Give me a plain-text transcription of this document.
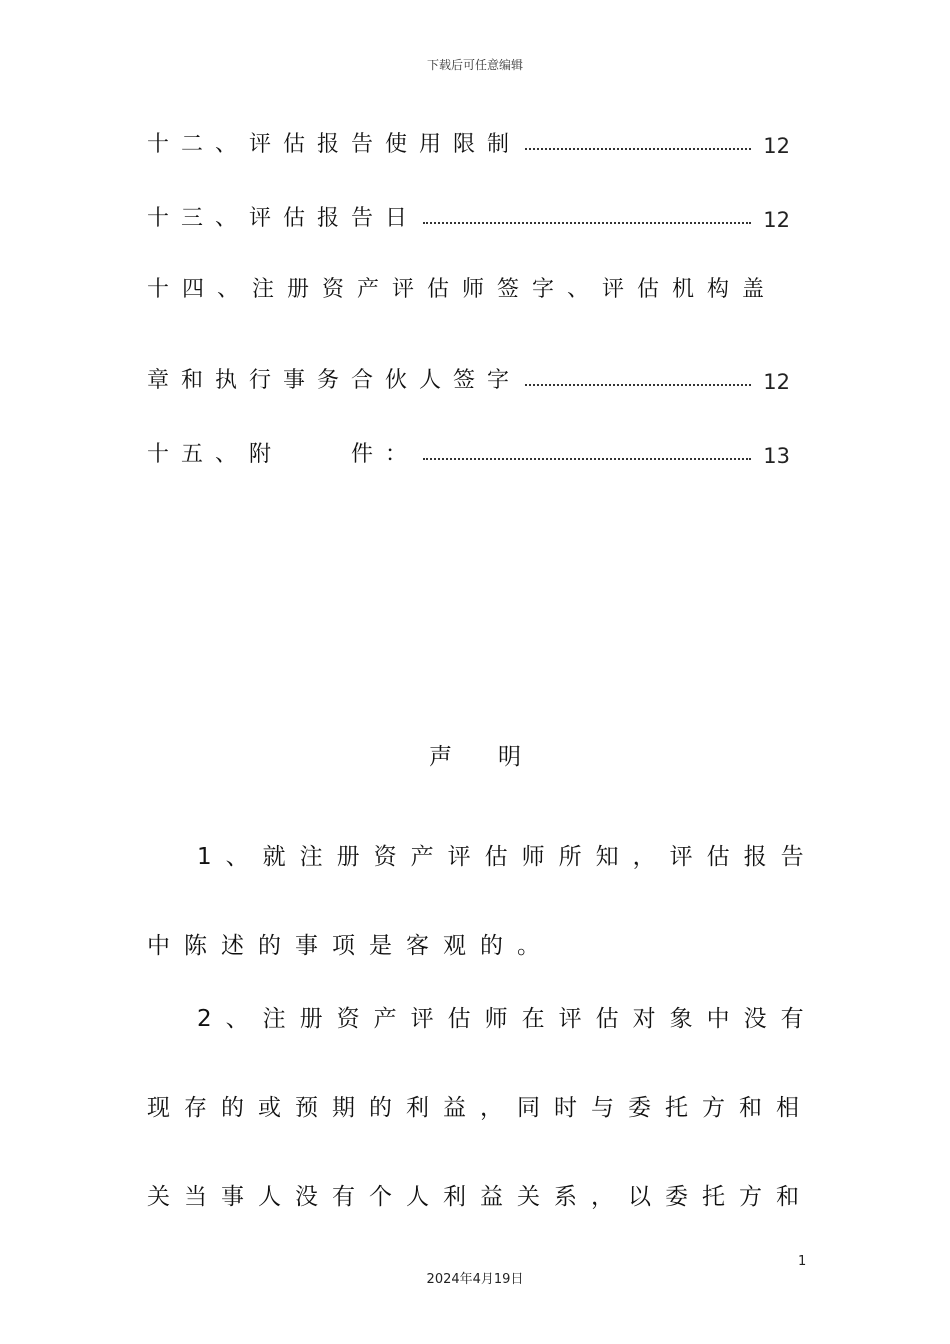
下载后可任意编辑
十二、评估报告使用限制	12
十三、评估报告日	12
十四、注册资产评估师签字、评估机构盖
章和执行事务合伙人签字	12
十五、附　　件：	13
声明
1、就注册资产评估师所知，评估报告
中陈述的事项是客观的。
2、注册资产评估师在评估对象中没有
现存的或预期的利益，同时与委托方和相
关当事人没有个人利益关系，以委托方和
1
2024年4月19日
